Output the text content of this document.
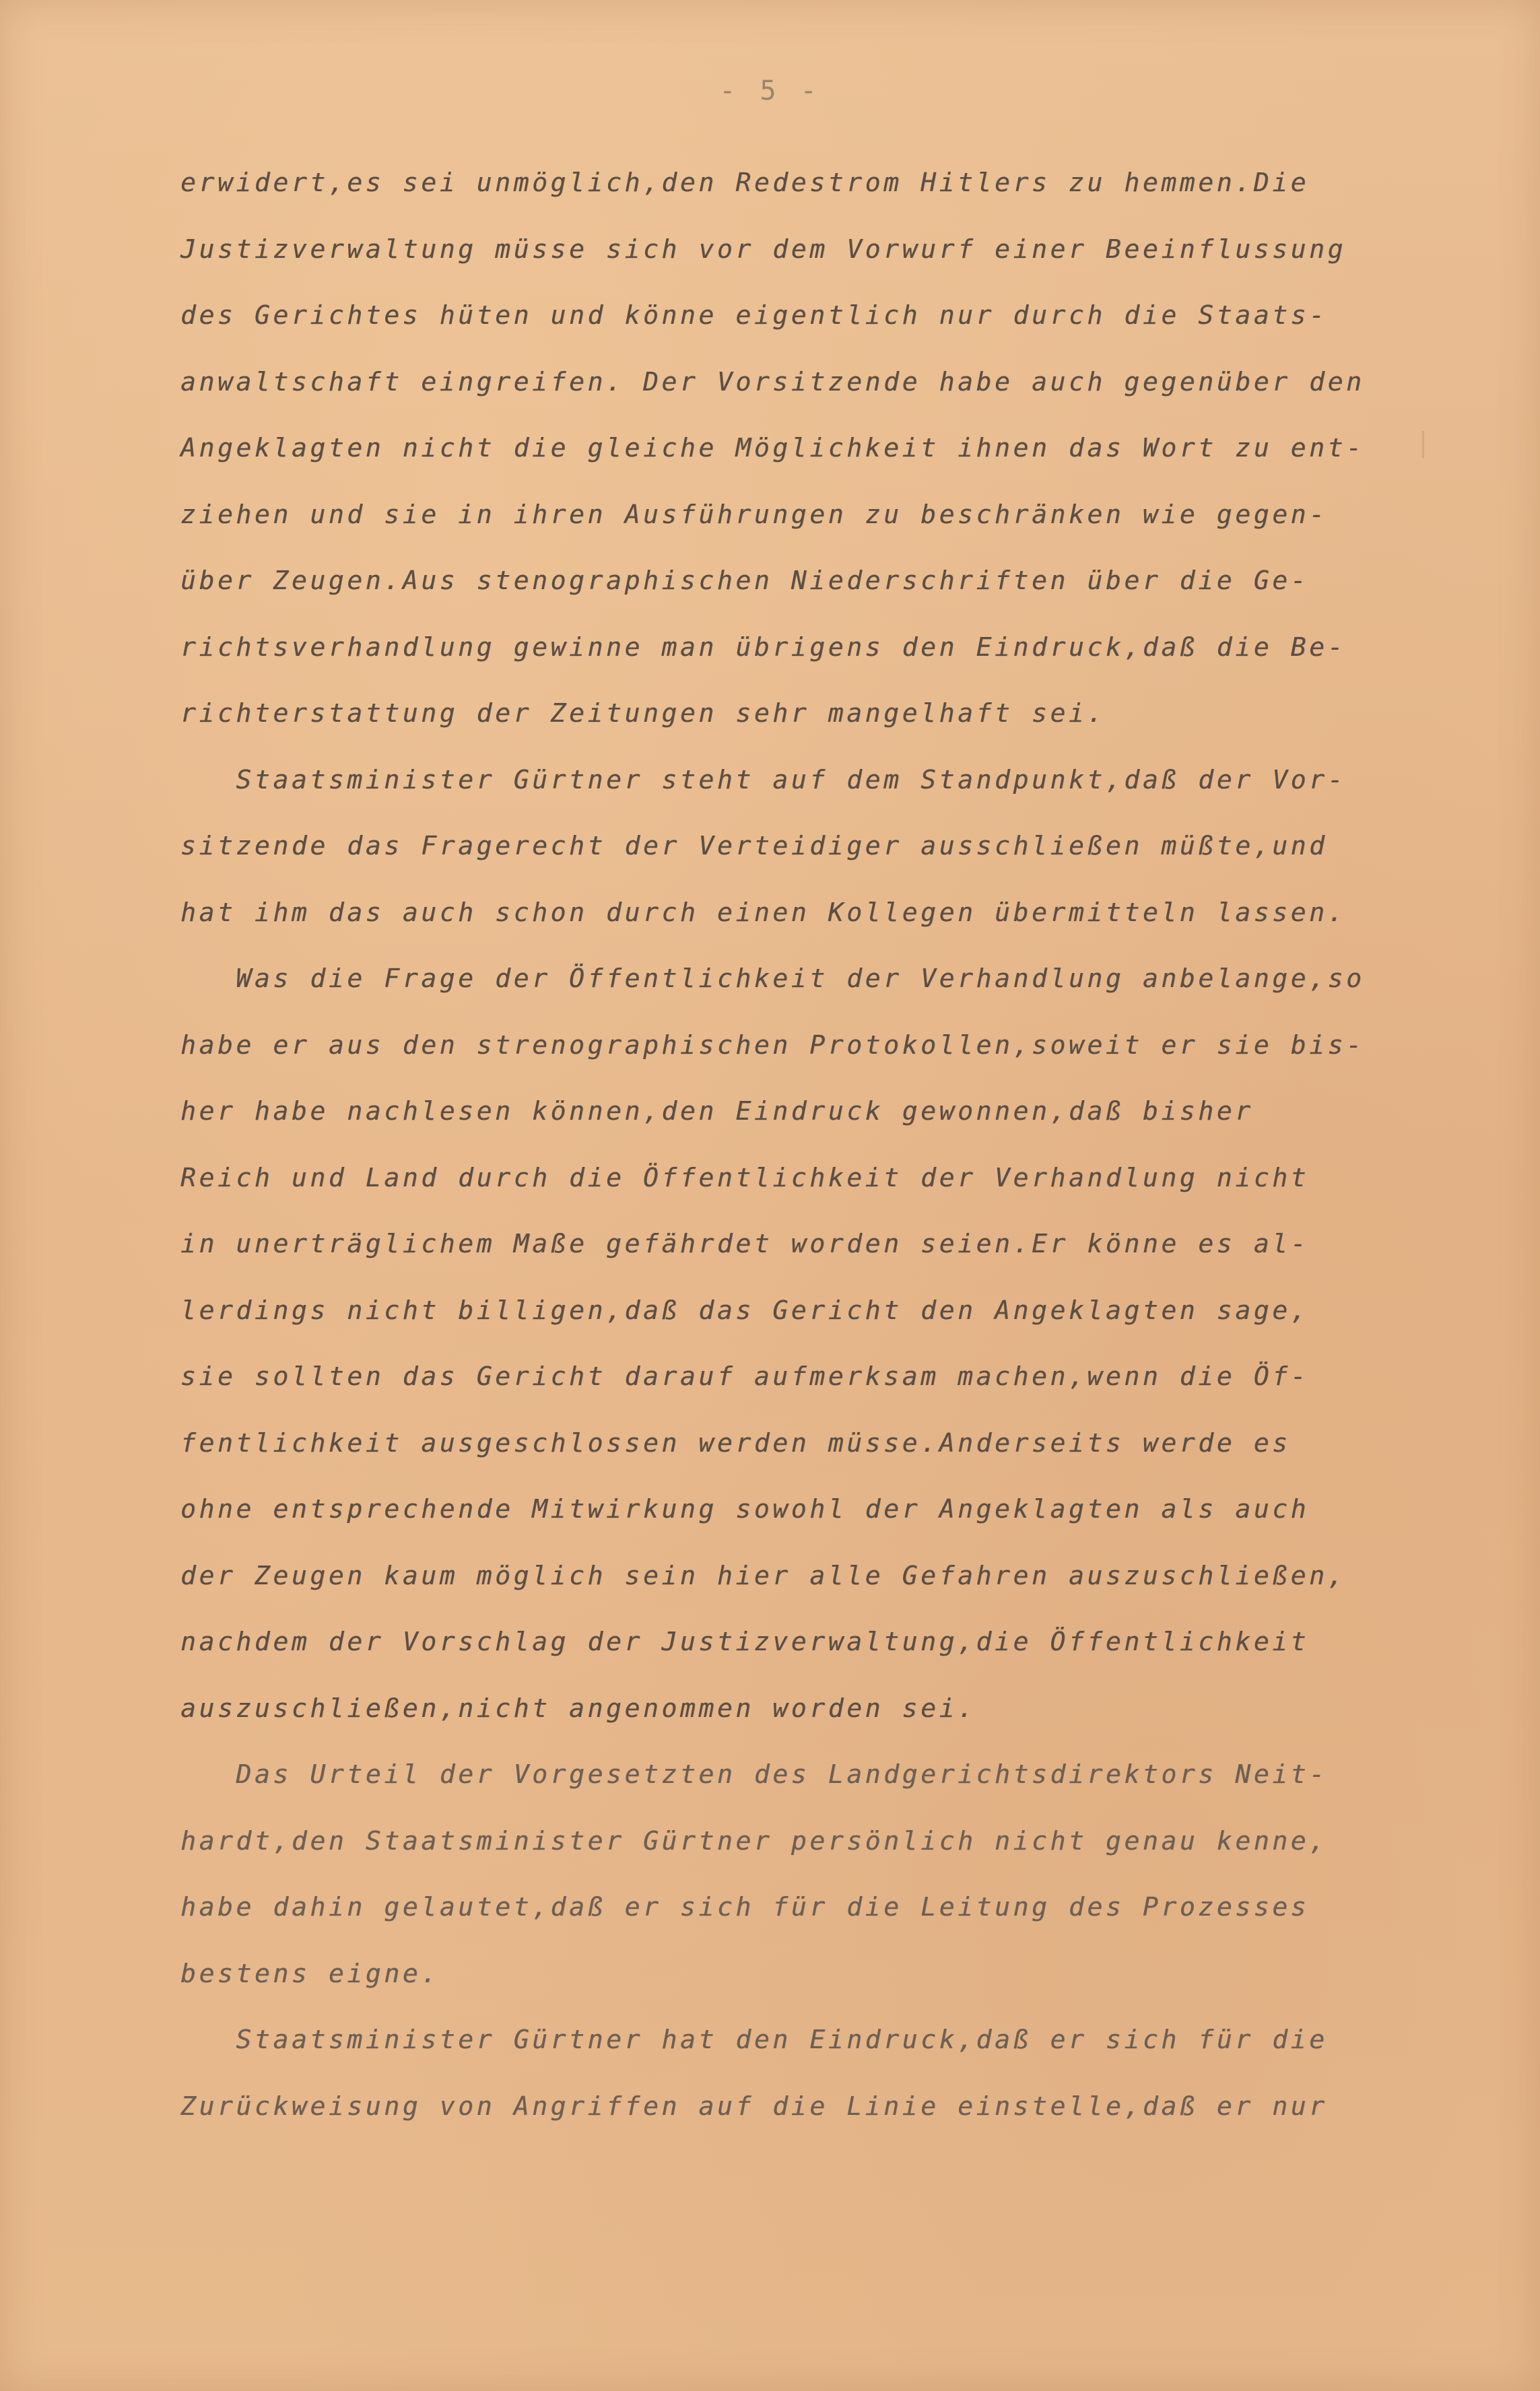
- 5 -
erwidert,es sei unmöglich,den Redestrom Hitlers zu hemmen.Die
Justizverwaltung müsse sich vor dem Vorwurf einer Beeinflussung
des Gerichtes hüten und könne eigentlich nur durch die Staats-
anwaltschaft eingreifen. Der Vorsitzende habe auch gegenüber den
Angeklagten nicht die gleiche Möglichkeit ihnen das Wort zu ent-
ziehen und sie in ihren Ausführungen zu beschränken wie gegen-
über Zeugen.Aus stenographischen Niederschriften über die Ge-
richtsverhandlung gewinne man übrigens den Eindruck,daß die Be-
richterstattung der Zeitungen sehr mangelhaft sei.
Staatsminister Gürtner steht auf dem Standpunkt,daß der Vor-
sitzende das Fragerecht der Verteidiger ausschließen müßte,und
hat ihm das auch schon durch einen Kollegen übermitteln lassen.
Was die Frage der Öffentlichkeit der Verhandlung anbelange,so
habe er aus den strenographischen Protokollen,soweit er sie bis-
her habe nachlesen können,den Eindruck gewonnen,daß bisher
Reich und Land durch die Öffentlichkeit der Verhandlung nicht
in unerträglichem Maße gefährdet worden seien.Er könne es al-
lerdings nicht billigen,daß das Gericht den Angeklagten sage,
sie sollten das Gericht darauf aufmerksam machen,wenn die Öf-
fentlichkeit ausgeschlossen werden müsse.Anderseits werde es
ohne entsprechende Mitwirkung sowohl der Angeklagten als auch
der Zeugen kaum möglich sein hier alle Gefahren auszuschließen,
nachdem der Vorschlag der Justizverwaltung,die Öffentlichkeit
auszuschließen,nicht angenommen worden sei.
Das Urteil der Vorgesetzten des Landgerichtsdirektors Neit-
hardt,den Staatsminister Gürtner persönlich nicht genau kenne,
habe dahin gelautet,daß er sich für die Leitung des Prozesses
bestens eigne.
Staatsminister Gürtner hat den Eindruck,daß er sich für die
Zurückweisung von Angriffen auf die Linie einstelle,daß er nur
